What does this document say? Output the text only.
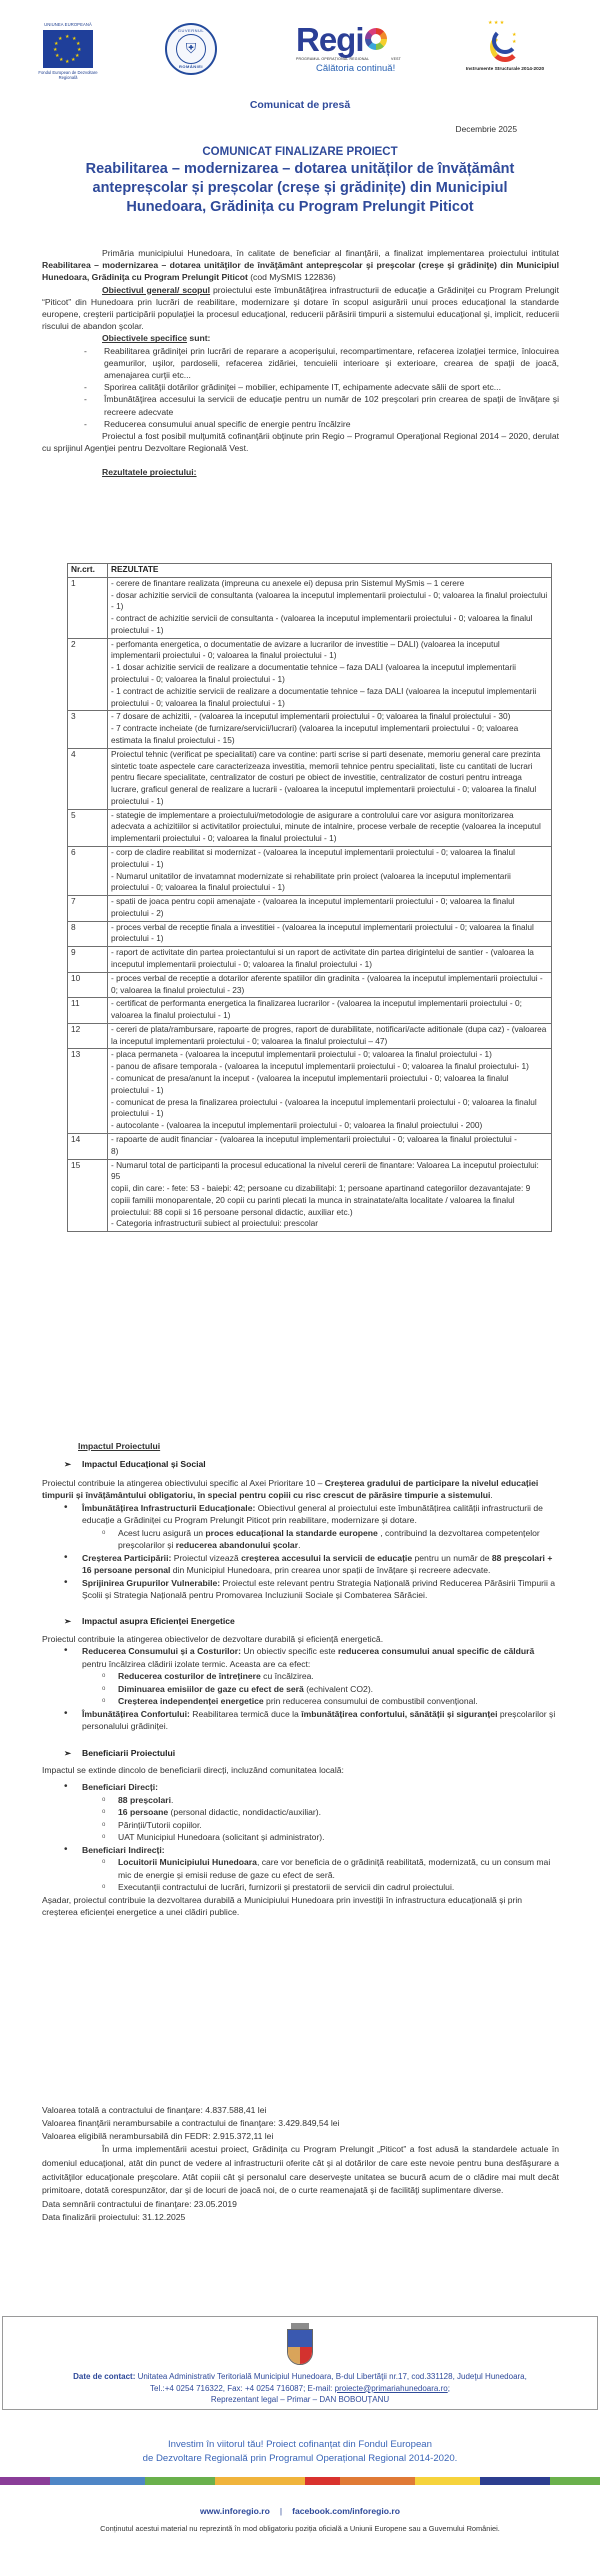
UNIUNEA EUROPEANĂ
★ ★
★
★
★
★
★
★
★
★
★
★
Fondul European de Dezvoltare Regională
GUVERNUL
⛨
ROMÂNIEI
Regi
PROGRAMUL OPERAȚIONAL REGIONAL	VEST
Călătoria continuă!
★ ★ ★
★
★
Instrumente Structurale 2014-2020
Comunicat de presă
Decembrie 2025
COMUNICAT FINALIZARE PROIECT
Reabilitarea – modernizarea – dotarea unităților de învățământ antepreșcolar și preșcolar (creșe și grădinițe) din Municipiul Hunedoara, Grădinița cu Program Prelungit Piticot

Primăria municipiului Hunedoara, în calitate de beneficiar al finanţării, a finalizat implementarea proiectului intitulat Reabilitarea – modernizarea – dotarea unităţilor de învăţământ antepreşcolar şi preşcolar (creşe şi grădiniţe) din Municipiul Hunedoara, Grădiniţa cu Program Prelungit Piticot (cod MySMIS 122836)

Obiectivul general/ scopul proiectului este îmbunătăţirea infrastructurii de educaţie a Grădiniţei cu Program Prelungit “Piticot” din Hunedoara prin lucrări de reabilitare, modernizare şi dotare în scopul asigurării unui proces educaţional la standarde europene, creşterii participării populaţiei la procesul educaţional, reducerii părăsirii timpurii a sistemului educaţional şi, implicit, reducerii riscului de abandon şcolar.

Obiectivele specifice sunt:

- Reabilitarea grădiniţei prin lucrări de reparare a acoperişului, recompartimentare, refacerea izolaţiei termice, înlocuirea geamurilor, uşilor, pardoselii, refacerea zidăriei, tencuielii interioare şi exterioare, crearea de spaţii de joacă, amenajarea curţii etc...
- Sporirea calităţii dotărilor grădiniţei – mobilier, echipamente IT, echipamente adecvate sălii de sport etc...
- Îmbunătăţirea accesului la servicii de educaţie pentru un număr de 102 preşcolari prin crearea de spaţii de învăţare şi recreere adecvate
- Reducerea consumului anual specific de energie pentru încălzire

Proiectul a fost posibil mulţumită cofinanţării obţinute prin Regio – Programul Operaţional Regional 2014 – 2020, derulat cu sprijinul Agenţiei pentru Dezvoltare Regională Vest.

Rezultatele proiectului:

Nr.crt.	REZULTATE
1	- cerere de finantare realizata (impreuna cu anexele ei) depusa prin Sistemul MySmis – 1 cerere
- dosar achizitie servicii de consultanta (valoarea la inceputul implementarii proiectului - 0; valoarea la finalul proiectului - 1)
- contract de achizitie servicii de consultanta - (valoarea la inceputul implementarii proiectului - 0; valoarea la finalul proiectului - 1)

2	- perfomanta energetica, o documentatie de avizare a lucrarilor de investitie – DALI) (valoarea la inceputul implementarii proiectului - 0; valoarea la finalul proiectului - 1)
- 1 dosar achizitie servicii de realizare a documentatie tehnice – faza DALI (valoarea la inceputul implementarii proiectului - 0; valoarea la finalul proiectului - 1)
- 1 contract de achizitie servicii de realizare a documentatie tehnice – faza DALI (valoarea la inceputul implementarii proiectului - 0; valoarea la finalul proiectului - 1)

3	- 7 dosare de achizitii, - (valoarea la inceputul implementarii proiectului - 0; valoarea la finalul proiectului - 30)
- 7 contracte incheiate (de furnizare/servicii/lucrari) (valoarea la inceputul implementarii proiectului - 0; valoarea estimata la finalul proiectului - 15)

4	Proiectul tehnic (verificat pe specialitati) care va contine: parti scrise si parti desenate, memoriu general care prezinta sintetic toate aspectele care caracterizeaza investitia, memorii tehnice pentru specialitati, liste cu cantitati de lucrari pentru fiecare specialitate, centralizator de costuri pe obiect de investitie, centralizator de costuri pentru intreaga lucrare, graficul general de realizare a lucrarii - (valoarea la inceputul implementarii proiectului - 0; valoarea la finalul proiectului - 1)

5	- stategie de implementare a proiectului/metodologie de asigurare a controlului care vor asigura monitorizarea adecvata a achizitiilor si activitatilor proiectului, minute de intalnire, procese verbale de receptie (valoarea la inceputul implementarii proiectului - 0; valoarea la finalul proiectului - 1)

6	- corp de cladire reabilitat si modernizat - (valoarea la inceputul implementarii proiectului - 0; valoarea la finalul proiectului - 1)
- Numarul unitatilor de invatamnat modernizate si rehabilitate prin proiect (valoarea la inceputul implementarii proiectului - 0; valoarea la finalul proiectului - 1)

7	- spatii de joaca pentru copii amenajate - (valoarea la inceputul implementarii proiectului - 0; valoarea la finalul proiectului - 2)

8	- proces verbal de receptie finala a investitiei - (valoarea la inceputul implementarii proiectului - 0; valoarea la finalul proiectului - 1)

9	- raport de activitate din partea proiectantului si un raport de activitate din partea dirigintelui de santier - (valoarea la inceputul implementarii proiectului - 0; valoarea la finalul proiectului - 1)

10	- proces verbal de receptie a dotarilor aferente spatiilor din gradinita - (valoarea la inceputul implementarii proiectului - 0; valoarea la finalul proiectului - 23)

11	- certificat de performanta energetica la finalizarea lucrarilor - (valoarea la inceputul implementarii proiectului - 0; valoarea la finalul proiectului - 1)

12	- cereri de plata/rambursare, rapoarte de progres, raport de durabilitate, notificari/acte aditionale (dupa caz) - (valoarea la inceputul implementarii proiectului - 0; valoarea la finalul proiectului – 47)

13	- placa permaneta - (valoarea la inceputul implementarii proiectului - 0; valoarea la finalul proiectului - 1)
- panou de afisare temporala - (valoarea la inceputul implementarii proiectului - 0; valoarea la finalul proiectului- 1)
- comunicat de presa/anunt la inceput - (valoarea la inceputul implementarii proiectului - 0; valoarea la finalul proiectului - 1)
- comunicat de presa la finalizarea proiectului - (valoarea la inceputul implementarii proiectului - 0; valoarea la finalul proiectului - 1)
- autocolante - (valoarea la inceputul implementarii proiectului - 0; valoarea la finalul proiectului - 200)

14	- rapoarte de audit financiar - (valoarea la inceputul implementarii proiectului - 0; valoarea la finalul proiectului -
8)

15	- Numarul total de participanti la procesul educational la nivelul cererii de finantare: Valoarea La inceputul proiectului: 95
copii, din care: - fete: 53 - baieþi: 42; persoane cu dizabilitaþi: 1; persoane apartinand categoriilor dezavantajate: 9 copiii familii monoparentale, 20 copii cu parinti plecati la munca in strainatate/alta localitate / valoarea la finalul proiectului: 88 copii si 16 persoane personal didactic, auxiliar etc.)
- Categoria infrastructurii subiect al proiectului: prescolar

Impactul Proiectului

➢ Impactul Educațional și Social

Proiectul contribuie la atingerea obiectivului specific al Axei Prioritare 10 – Creșterea gradului de participare la nivelul educației timpurii și învățământului obligatoriu, în special pentru copiii cu risc crescut de părăsire timpurie a sistemului.

• Îmbunătățirea Infrastructurii Educaționale: Obiectivul general al proiectului este îmbunătățirea calității infrastructurii de educație a Grădiniței cu Program Prelungit Piticot prin reabilitare, modernizare și dotare.
o Acest lucru asigură un proces educațional la standarde europene , contribuind la dezvoltarea competențelor preșcolarilor și reducerea abandonului școlar.
• Creșterea Participării: Proiectul vizează creșterea accesului la servicii de educație pentru un număr de 88 preșcolari + 16 persoane personal din Municipiul Hunedoara, prin crearea unor spații de învățare și recreere adecvate.
• Sprijinirea Grupurilor Vulnerabile: Proiectul este relevant pentru Strategia Națională privind Reducerea Părăsirii Timpurii a Școlii și Strategia Națională pentru Promovarea Incluziunii Sociale și Combaterea Sărăciei.

➢ Impactul asupra Eficienței Energetice

Proiectul contribuie la atingerea obiectivelor de dezvoltare durabilă și eficiență energetică.

• Reducerea Consumului și a Costurilor: Un obiectiv specific este reducerea consumului anual specific de căldură pentru încălzirea clădirii izolate termic. Aceasta are ca efect:
o Reducerea costurilor de întreținere cu încălzirea.
o Diminuarea emisiilor de gaze cu efect de seră (echivalent CO2).
o Creșterea independenței energetice prin reducerea consumului de combustibil convențional.
• Îmbunătățirea Confortului: Reabilitarea termică duce la îmbunătățirea confortului, sănătății și siguranței preșcolarilor și personalului grădiniței.

➢ Beneficiarii Proiectului

Impactul se extinde dincolo de beneficiarii direcți, incluzând comunitatea locală:

• Beneficiari Direcți:
o 88 preșcolari.
o 16 persoane (personal didactic, nondidactic/auxiliar).
o Părinții/Tutorii copiilor.
o UAT Municipiul Hunedoara (solicitant și administrator).
• Beneficiari Indirecți:
o Locuitorii Municipiului Hunedoara, care vor beneficia de o grădiniță reabilitată, modernizată, cu un consum mai mic de energie și emisii reduse de gaze cu efect de seră.
o Executanții contractului de lucrări, furnizorii și prestatorii de servicii din cadrul proiectului.

Așadar, proiectul contribuie la dezvoltarea durabilă a Municipiului Hunedoara prin investiții în infrastructura educațională și prin creșterea eficienței energetice a unei clădiri publice.

Valoarea totală a contractului de finanţare: 4.837.588,41 lei

Valoarea finanţării nerambursabile a contractului de finanţare: 3.429.849,54 lei

Valoarea eligibilă nerambursabilă din FEDR: 2.915.372,11 lei

În urma implementării acestui proiect, Grădiniţa cu Program Prelungit „Piticot” a fost adusă la standardele actuale în domeniul educaţional, atât din punct de vedere al infrastructurii oferite cât şi al dotărilor de care este nevoie pentru buna desfăşurare a activităţilor educaţionale preşcolare. Atât copiii cât şi personalul care deserveşte unitatea se bucură acum de o clădire mai mult decât primitoare, dotată corespunzător, dar şi de locuri de joacă noi, de o curte reamenajată şi de facilităţi suplimentare diverse.

Data semnării contractului de finanţare: 23.05.2019

Data finalizării proiectului: 31.12.2025

Date de contact: Unitatea Administrativ Teritorială Municipiul Hunedoara, B-dul Libertăţii nr.17, cod.331128, Judeţul Hunedoara,
Tel.:+4 0254 716322, Fax: +4 0254 716087; E-mail: proiecte@primariahunedoara.ro;
Reprezentant legal – Primar – DAN BOBOUȚANU
Investim în viitorul tău! Proiect cofinanțat din Fondul European
de Dezvoltare Regională prin Programul Operațional Regional 2014-2020.
www.inforegio.ro | facebook.com/inforegio.ro
Conținutul acestui material nu reprezintă în mod obligatoriu poziția oficială a Uniunii Europene sau a Guvernului României.
